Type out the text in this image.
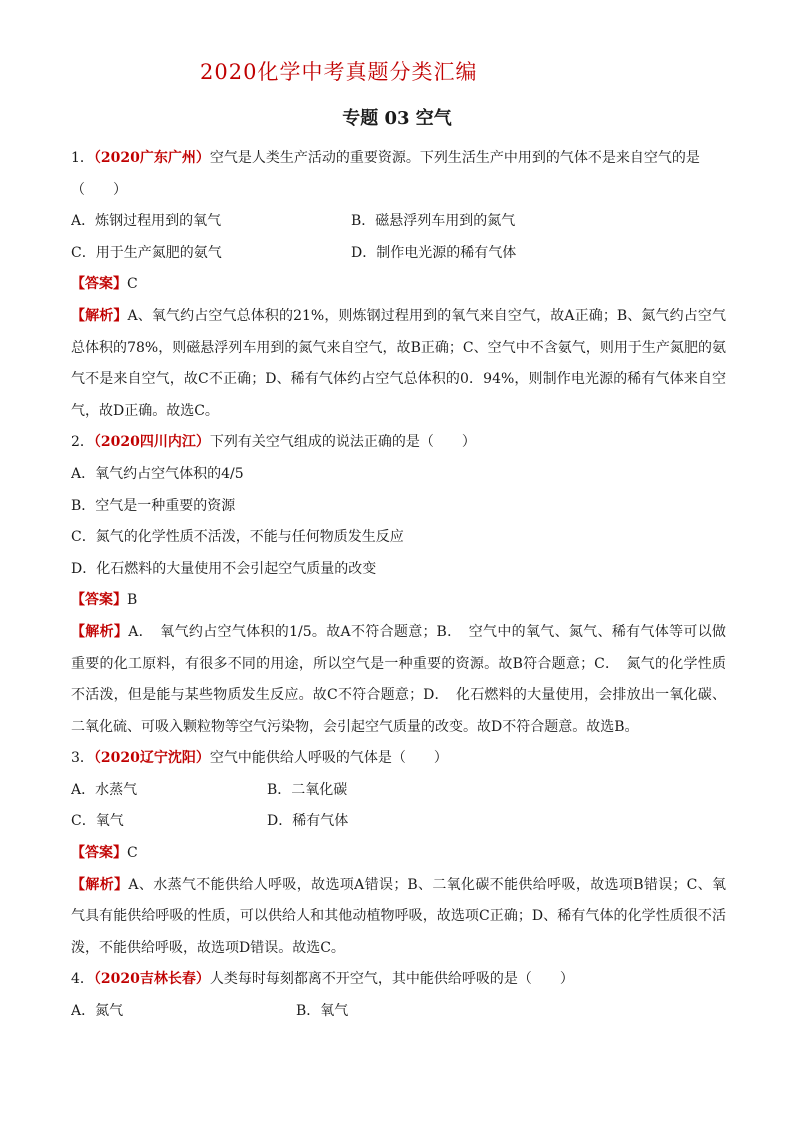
2020化学中考真题分类汇编
专题 03 空气
1．（2020广东广州）空气是人类生产活动的重要资源。下列生活生产中用到的气体不是来自空气的是
（　　）
A．炼钢过程用到的氧气	B．磁悬浮列车用到的氮气
C．用于生产氮肥的氨气	D．制作电光源的稀有气体
【答案】C
【解析】A、氧气约占空气总体积的21%，则炼钢过程用到的氧气来自空气，故A正确；B、氮气约占空气
总体积的78%，则磁悬浮列车用到的氮气来自空气，故B正确；C、空气中不含氨气，则用于生产氮肥的氨
气不是来自空气，故C不正确；D、稀有气体约占空气总体积的0．94%，则制作电光源的稀有气体来自空
气，故D正确。故选C。
2．（2020四川内江）下列有关空气组成的说法正确的是（　　）
A．氧气约占空气体积的4/5
B．空气是一种重要的资源
C．氮气的化学性质不活泼，不能与任何物质发生反应
D．化石燃料的大量使用不会引起空气质量的改变
【答案】B
【解析】A．　氧气约占空气体积的1/5。故A不符合题意；B．　空气中的氧气、氮气、稀有气体等可以做
重要的化工原料，有很多不同的用途，所以空气是一种重要的资源。故B符合题意；C．　氮气的化学性质
不活泼，但是能与某些物质发生反应。故C不符合题意；D．　化石燃料的大量使用，会排放出一氧化碳、
二氧化硫、可吸入颗粒物等空气污染物，会引起空气质量的改变。故D不符合题意。故选B。
3．（2020辽宁沈阳）空气中能供给人呼吸的气体是（　　）
A．水蒸气	B．二氧化碳
C．氧气	D．稀有气体
【答案】C
【解析】A、水蒸气不能供给人呼吸，故选项A错误；B、二氧化碳不能供给呼吸，故选项B错误；C、氧
气具有能供给呼吸的性质，可以供给人和其他动植物呼吸，故选项C正确；D、稀有气体的化学性质很不活
泼，不能供给呼吸，故选项D错误。故选C。
4．（2020吉林长春）人类每时每刻都离不开空气，其中能供给呼吸的是（　　）
A．氮气	B．氧气
